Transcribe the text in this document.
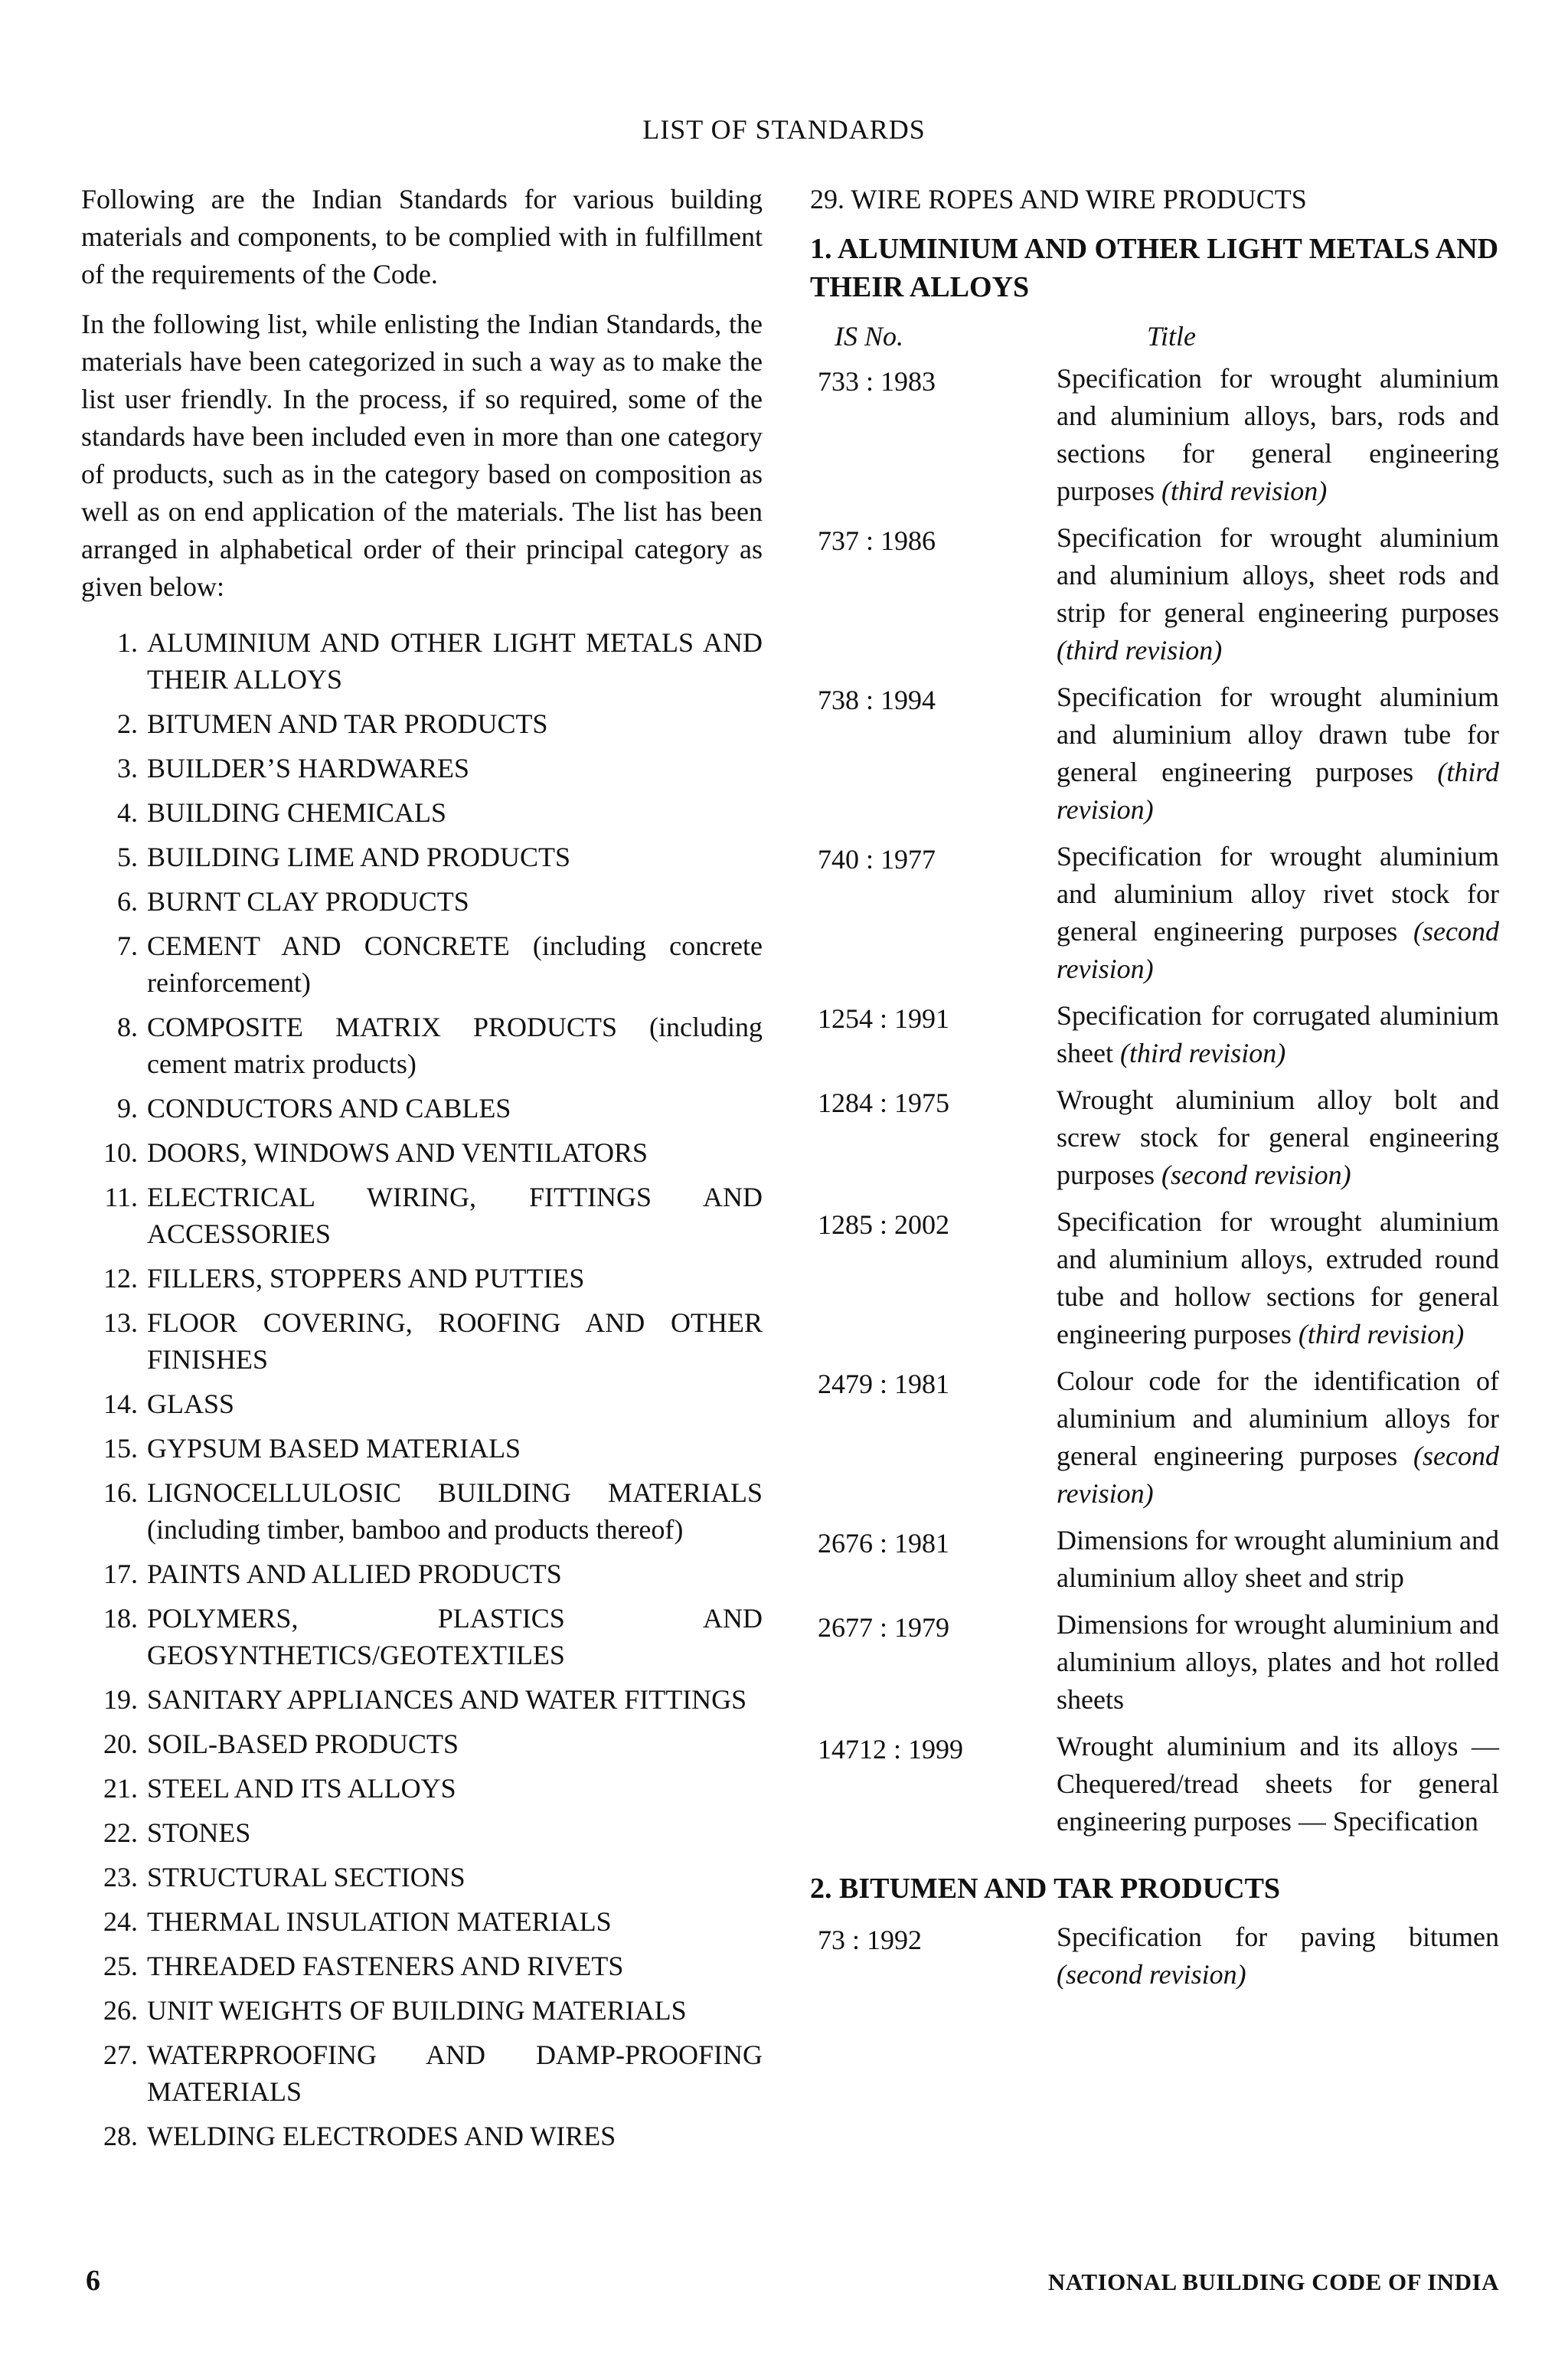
LIST OF STANDARDS

Following are the Indian Standards for various building materials and components, to be complied with in fulfillment of the requirements of the Code.

In the following list, while enlisting the Indian Standards, the materials have been categorized in such a way as to make the list user friendly. In the process, if so required, some of the standards have been included even in more than one category of products, such as in the category based on composition as well as on end application of the materials. The list has been arranged in alphabetical order of their principal category as given below:

1. ALUMINIUM AND OTHER LIGHT METALS AND THEIR ALLOYS
2. BITUMEN AND TAR PRODUCTS
3. BUILDER’S HARDWARES
4. BUILDING CHEMICALS
5. BUILDING LIME AND PRODUCTS
6. BURNT CLAY PRODUCTS
7. CEMENT AND CONCRETE (including concrete reinforcement)
8. COMPOSITE MATRIX PRODUCTS (including cement matrix products)
9. CONDUCTORS AND CABLES
10. DOORS, WINDOWS AND VENTILATORS
11. ELECTRICAL WIRING, FITTINGS AND ACCESSORIES
12. FILLERS, STOPPERS AND PUTTIES
13. FLOOR COVERING, ROOFING AND OTHER FINISHES
14. GLASS
15. GYPSUM BASED MATERIALS
16. LIGNOCELLULOSIC BUILDING MATERIALS (including timber, bamboo and products thereof)
17. PAINTS AND ALLIED PRODUCTS
18. POLYMERS, PLASTICS AND GEOSYNTHETICS/GEOTEXTILES
19. SANITARY APPLIANCES AND WATER FITTINGS
20. SOIL-BASED PRODUCTS
21. STEEL AND ITS ALLOYS
22. STONES
23. STRUCTURAL SECTIONS
24. THERMAL INSULATION MATERIALS
25. THREADED FASTENERS AND RIVETS
26. UNIT WEIGHTS OF BUILDING MATERIALS
27. WATERPROOFING AND DAMP-PROOFING MATERIALS
28. WELDING ELECTRODES AND WIRES
29. WIRE ROPES AND WIRE PRODUCTS
1. ALUMINIUM AND OTHER LIGHT METALS AND THEIR ALLOYS
IS No.	Title
733 : 1983	Specification for wrought aluminium and aluminium alloys, bars, rods and sections for general engineering purposes (third revision)
737 : 1986	Specification for wrought aluminium and aluminium alloys, sheet rods and strip for general engineering purposes (third revision)
738 : 1994	Specification for wrought aluminium and aluminium alloy drawn tube for general engineering purposes (third revision)
740 : 1977	Specification for wrought aluminium and aluminium alloy rivet stock for general engineering purposes (second revision)
1254 : 1991	Specification for corrugated aluminium sheet (third revision)
1284 : 1975	Wrought aluminium alloy bolt and screw stock for general engineering purposes (second revision)
1285 : 2002	Specification for wrought aluminium and aluminium alloys, extruded round tube and hollow sections for general engineering purposes (third revision)
2479 : 1981	Colour code for the identification of aluminium and aluminium alloys for general engineering purposes (second revision)
2676 : 1981	Dimensions for wrought aluminium and aluminium alloy sheet and strip
2677 : 1979	Dimensions for wrought aluminium and aluminium alloys, plates and hot rolled sheets
14712 : 1999	Wrought aluminium and its alloys — Chequered/tread sheets for general engineering purposes — Specification
2. BITUMEN AND TAR PRODUCTS
73 : 1992	Specification for paving bitumen (second revision)
6	NATIONAL BUILDING CODE OF INDIA
